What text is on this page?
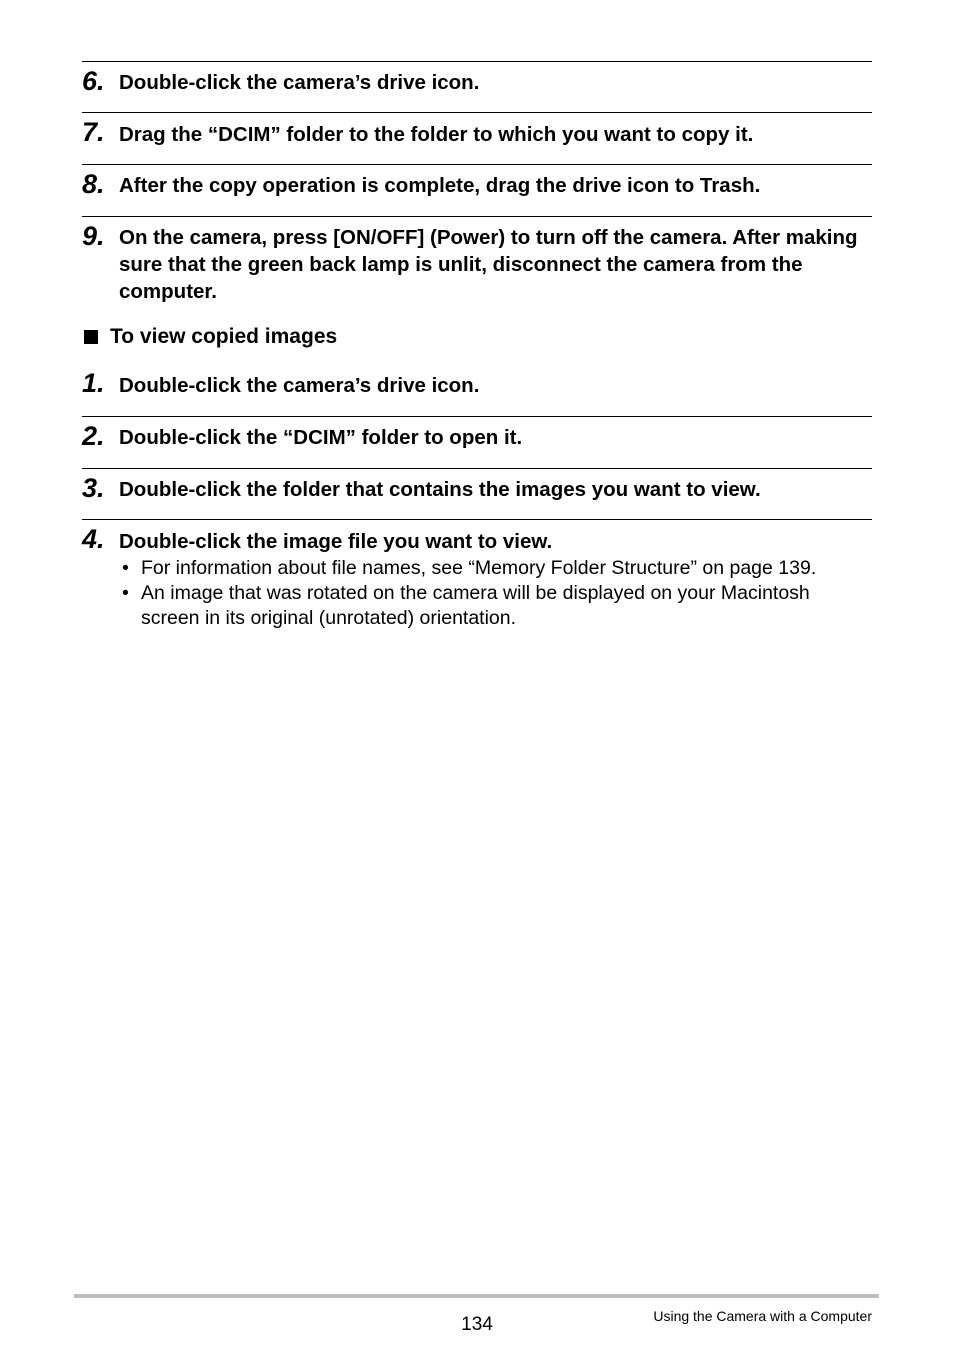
6. Double-click the camera’s drive icon.
7. Drag the “DCIM” folder to the folder to which you want to copy it.
8. After the copy operation is complete, drag the drive icon to Trash.
9. On the camera, press [ON/OFF] (Power) to turn off the camera. After making sure that the green back lamp is unlit, disconnect the camera from the computer.
To view copied images
1. Double-click the camera’s drive icon.
2. Double-click the “DCIM” folder to open it.
3. Double-click the folder that contains the images you want to view.
4. Double-click the image file you want to view.
• For information about file names, see “Memory Folder Structure” on page 139.
• An image that was rotated on the camera will be displayed on your Macintosh screen in its original (unrotated) orientation.
134	Using the Camera with a Computer
